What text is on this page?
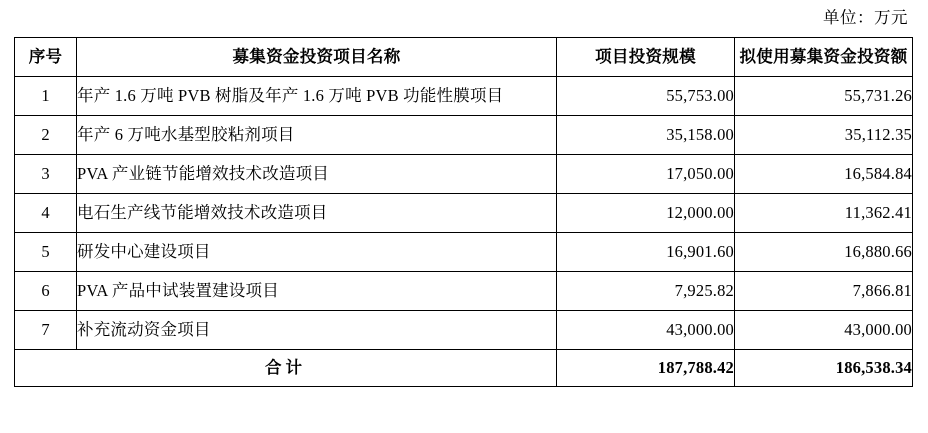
单位：万元
序号	募集资金投资项目名称	项目投资规模	拟使用募集资金投资额
1	年产 1.6 万吨 PVB 树脂及年产 1.6 万吨 PVB 功能性膜项目	55,753.00	55,731.26
2	年产 6 万吨水基型胶粘剂项目	35,158.00	35,112.35
3	PVA 产业链节能增效技术改造项目	17,050.00	16,584.84
4	电石生产线节能增效技术改造项目	12,000.00	11,362.41
5	研发中心建设项目	16,901.60	16,880.66
6	PVA 产品中试装置建设项目	7,925.82	7,866.81
7	补充流动资金项目	43,000.00	43,000.00
合计		187,788.42	186,538.34
